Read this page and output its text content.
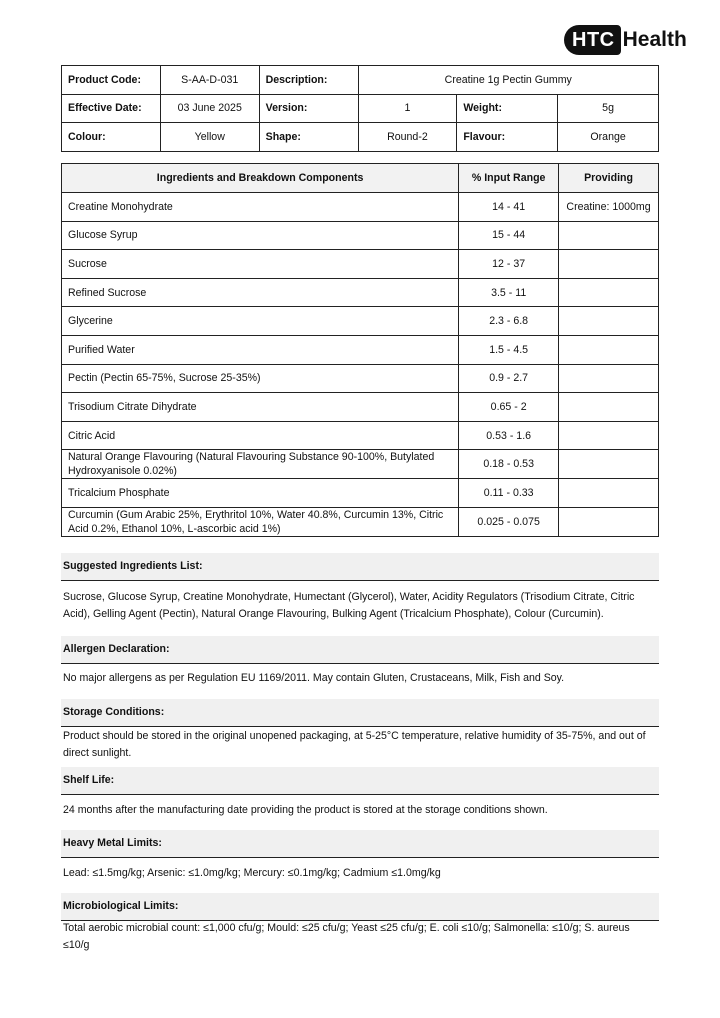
HTC Health
Product Code:	S-AA-D-031	Description:	Creatine 1g Pectin Gummy		
Effective Date:	03 June 2025	Version:	1	Weight:	5g
Colour:	Yellow	Shape:	Round-2	Flavour:	Orange
Ingredients and Breakdown Components	% Input Range	Providing
Creatine Monohydrate	14 - 41	Creatine: 1000mg
Glucose Syrup	15 - 44	
Sucrose	12 - 37	
Refined Sucrose	3.5 - 11	
Glycerine	2.3 - 6.8	
Purified Water	1.5 - 4.5	
Pectin (Pectin 65-75%, Sucrose 25-35%)	0.9 - 2.7	
Trisodium Citrate Dihydrate	0.65 - 2	
Citric Acid	0.53 - 1.6	
Natural Orange Flavouring (Natural Flavouring Substance 90-100%, Butylated Hydroxyanisole 0.02%)	0.18 - 0.53	
Tricalcium Phosphate	0.11 - 0.33	
Curcumin (Gum Arabic 25%, Erythritol 10%, Water 40.8%, Curcumin 13%, Citric Acid 0.2%, Ethanol 10%, L-ascorbic acid 1%)	0.025 - 0.075	
Suggested Ingredients List:
Sucrose, Glucose Syrup, Creatine Monohydrate, Humectant (Glycerol), Water, Acidity Regulators (Trisodium Citrate, Citric Acid), Gelling Agent (Pectin), Natural Orange Flavouring, Bulking Agent (Tricalcium Phosphate), Colour (Curcumin).
Allergen Declaration:
No major allergens as per Regulation EU 1169/2011. May contain Gluten, Crustaceans, Milk, Fish and Soy.
Storage Conditions:
Product should be stored in the original unopened packaging, at 5-25°C temperature, relative humidity of 35-75%, and out of direct sunlight.
Shelf Life:
24 months after the manufacturing date providing the product is stored at the storage conditions shown.
Heavy Metal Limits:
Lead: ≤1.5mg/kg; Arsenic: ≤1.0mg/kg; Mercury: ≤0.1mg/kg; Cadmium ≤1.0mg/kg
Microbiological Limits:
Total aerobic microbial count: ≤1,000 cfu/g; Mould: ≤25 cfu/g; Yeast ≤25 cfu/g; E. coli ≤10/g; Salmonella: ≤10/g; S. aureus ≤10/g
